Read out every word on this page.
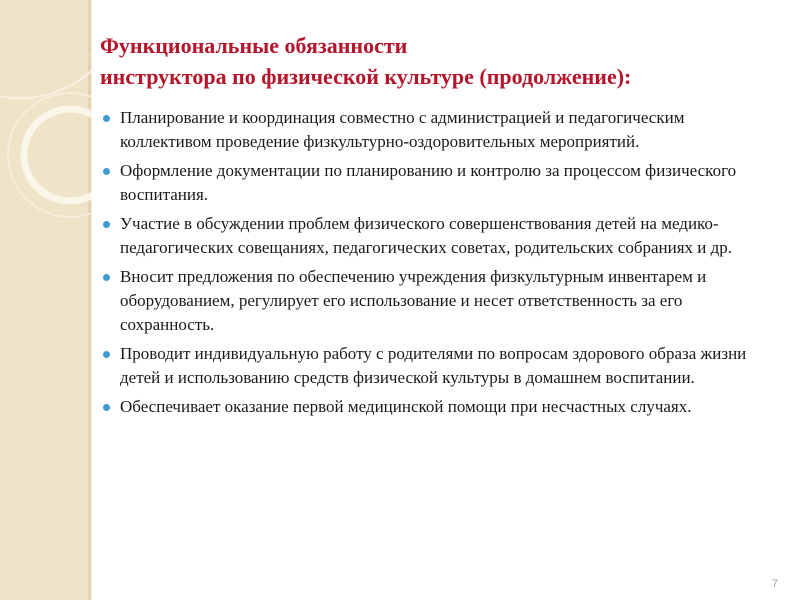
Функциональные обязанности
инструктора по физической культуре (продолжение):
Планирование и координация совместно с администрацией и педагогическим коллективом проведение физкультурно-оздоровительных мероприятий.
Оформление документации по планированию и контролю за процессом физического воспитания.
Участие в обсуждении проблем физического совершенствования детей на медико-педагогических совещаниях, педагогических советах, родительских собраниях и др.
Вносит предложения по обеспечению учреждения физкультурным инвентарем и оборудованием, регулирует его использование и несет ответственность за его сохранность.
Проводит индивидуальную работу с родителями по вопросам здорового образа жизни детей и использованию средств физической культуры в домашнем воспитании.
Обеспечивает оказание первой медицинской помощи при несчастных случаях.
7
